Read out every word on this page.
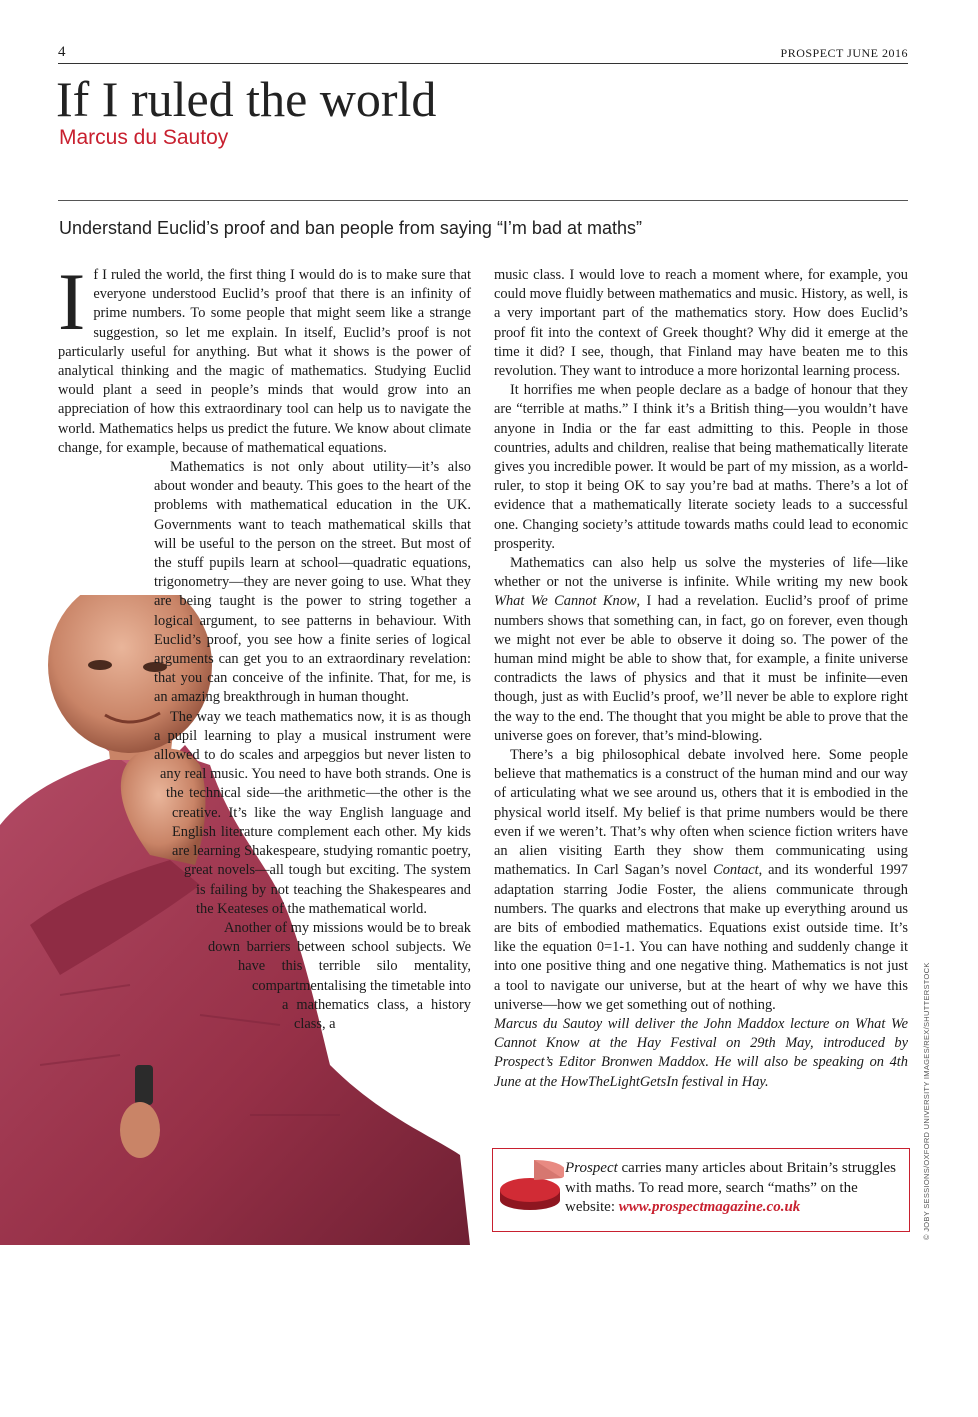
4	PROSPECT JUNE 2016
If I ruled the world
Marcus du Sautoy
Understand Euclid’s proof and ban people from saying “I’m bad at maths”
I f I ruled the world, the first thing I would do is to make sure that everyone understood Euclid’s proof that there is an infinity of prime numbers. To some people that might seem like a strange suggestion, so let me explain. In itself, Euclid’s proof is not particularly useful for anything. But what it shows is the power of analytical thinking and the magic of mathematics. Studying Euclid would plant a seed in people’s minds that would grow into an appreciation of how this extraordinary tool can help us to navigate the world. Mathematics helps us predict the future. We know about climate change, for example, because of mathematical equations.

Mathematics is not only about utility—it’s also about wonder and beauty. This goes to the heart of the problems with mathematical education in the UK. Governments want to teach mathematical skills that will be useful to the person on the street. But most of the stuff pupils learn at school—quadratic equations, trigonometry—they are never going to use. What they are being taught is the power to string together a logical argument, to see patterns in behaviour. With Euclid’s proof, you see how a finite series of logical arguments can get you to an extraordinary revelation: that you can conceive of the infinite. That, for me, is an amazing breakthrough in human thought.

The way we teach mathematics now, it is as though a pupil learning to play a musical instrument were allowed to do scales and arpeggios but never listen to any real music. You need to have both strands. One is the technical side—the arithmetic—the other is the creative. It’s like the way English language and English literature complement each other. My kids are learning Shakespeare, studying romantic poetry, great novels—all tough but exciting. The system is failing by not teaching the Shakespeares and the Keateses of the mathematical world.

Another of my missions would be to break down barriers between school subjects. We have this terrible silo mentality, compartmentalising the timetable into a mathematics class, a history class, a

music class. I would love to reach a moment where, for example, you could move fluidly between mathematics and music. History, as well, is a very important part of the mathematics story. How does Euclid’s proof fit into the context of Greek thought? Why did it emerge at the time it did? I see, though, that Finland may have beaten me to this revolution. They want to introduce a more horizontal learning process.

It horrifies me when people declare as a badge of honour that they are “terrible at maths.” I think it’s a British thing—you wouldn’t have anyone in India or the far east admitting to this. People in those countries, adults and children, realise that being mathematically literate gives you incredible power. It would be part of my mission, as a world-ruler, to stop it being OK to say you’re bad at maths. There’s a lot of evidence that a mathematically literate society leads to a successful one. Changing society’s attitude towards maths could lead to economic prosperity.

Mathematics can also help us solve the mysteries of life—like whether or not the universe is infinite. While writing my new book What We Cannot Know, I had a revelation. Euclid’s proof of prime numbers shows that something can, in fact, go on forever, even though we might not ever be able to observe it doing so. The power of the human mind might be able to show that, for example, a finite universe contradicts the laws of physics and that it must be infinite—even though, just as with Euclid’s proof, we’ll never be able to explore right the way to the end. The thought that you might be able to prove that the universe goes on forever, that’s mind-blowing.

There’s a big philosophical debate involved here. Some people believe that mathematics is a construct of the human mind and our way of articulating what we see around us, others that it is embodied in the physical world itself. My belief is that prime numbers would be there even if we weren’t. That’s why often when science fiction writers have an alien visiting Earth they show them communicating using mathematics. In Carl Sagan’s novel Contact, and its wonderful 1997 adaptation starring Jodie Foster, the aliens communicate through numbers. The quarks and electrons that make up everything around us are bits of embodied mathematics. Equations exist outside time. It’s like the equation 0=1-1. You can have nothing and suddenly change it into one positive thing and one negative thing. Mathematics is not just a tool to navigate our universe, but at the heart of why we have this universe—how we get something out of nothing.

Marcus du Sautoy will deliver the John Maddox lecture on What We Cannot Know at the Hay Festival on 29th May, introduced by Prospect’s Editor Bronwen Maddox. He will also be speaking on 4th June at the HowTheLightGetsIn festival in Hay.

Prospect carries many articles about Britain’s struggles with maths. To read more, search “maths” on the website: www.prospectmagazine.co.uk	© JOBY SESSIONS/OXFORD UNIVERSITY IMAGES/REX/SHUTTERSTOCK
